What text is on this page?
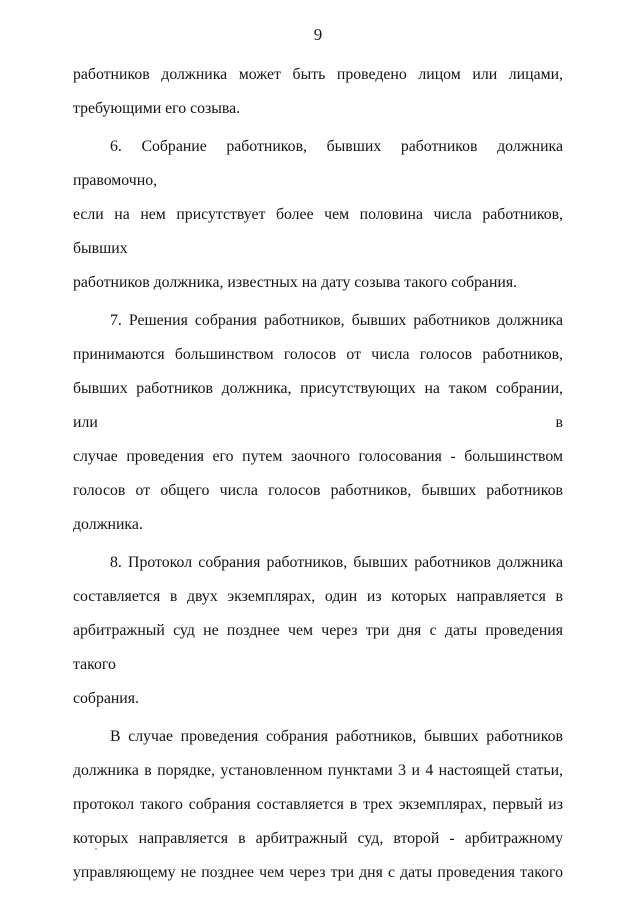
9
работников должника может быть проведено лицом или лицами,
требующими его созыва.
6. Собрание работников, бывших работников должника правомочно,
если на нем присутствует более чем половина числа работников, бывших
работников должника, известных на дату созыва такого собрания.
7. Решения собрания работников, бывших работников должника
принимаются большинством голосов от числа голосов работников,
бывших работников должника, присутствующих на таком собрании, или в
случае проведения его путем заочного голосования - большинством
голосов от общего числа голосов работников, бывших работников
должника.
8. Протокол собрания работников, бывших работников должника
составляется в двух экземплярах, один из которых направляется в
арбитражный суд не позднее чем через три дня с даты проведения такого
собрания.
В случае проведения собрания работников, бывших работников
должника в порядке, установленном пунктами 3 и 4 настоящей статьи,
протокол такого собрания составляется в трех экземплярах, первый из
которых направляется в арбитражный суд, второй - арбитражному
управляющему не позднее чем через три дня с даты проведения такого
